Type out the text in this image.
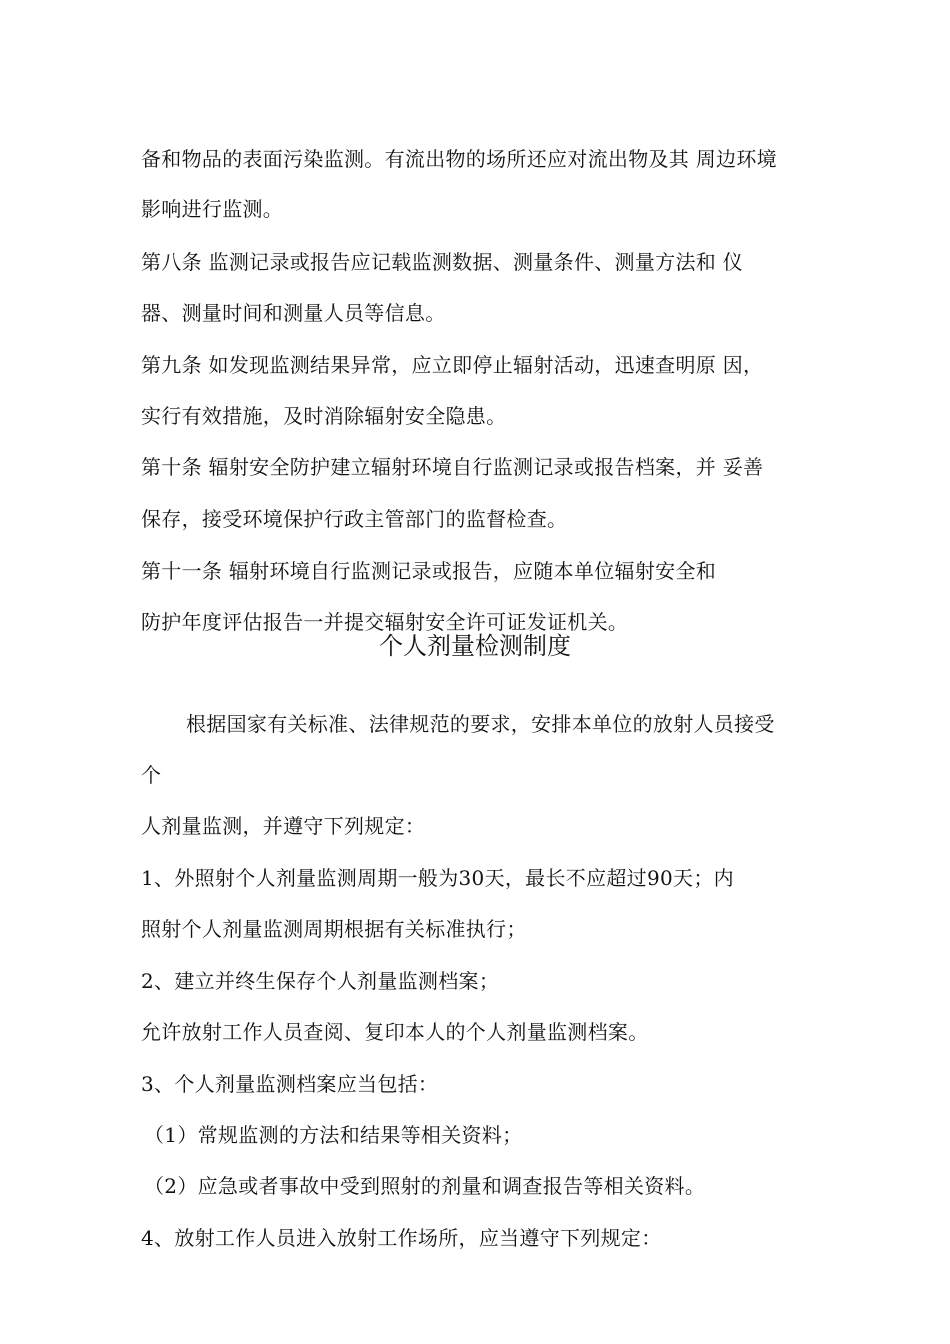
备和物品的表面污染监测。有流出物的场所还应对流出物及其 周边环境

影响进行监测。

第八条 监测记录或报告应记载监测数据、测量条件、测量方法和 仪

器、测量时间和测量人员等信息。

第九条 如发现监测结果异常，应立即停止辐射活动，迅速查明原 因，

实行有效措施，及时消除辐射安全隐患。

第十条 辐射安全防护建立辐射环境自行监测记录或报告档案，并 妥善

保存，接受环境保护行政主管部门的监督检查。

第十一条 辐射环境自行监测记录或报告，应随本单位辐射安全和

防护年度评估报告一并提交辐射安全许可证发证机关。

个人剂量检测制度

根据国家有关标准、法律规范的要求，安排本单位的放射人员接受

个

人剂量监测，并遵守下列规定：

1、外照射个人剂量监测周期一般为30天，最长不应超过90天；内

照射个人剂量监测周期根据有关标准执行；

2、建立并终生保存个人剂量监测档案；

允许放射工作人员查阅、复印本人的个人剂量监测档案。

3、个人剂量监测档案应当包括：

（1）常规监测的方法和结果等相关资料；

（2）应急或者事故中受到照射的剂量和调查报告等相关资料。

4、放射工作人员进入放射工作场所，应当遵守下列规定：
